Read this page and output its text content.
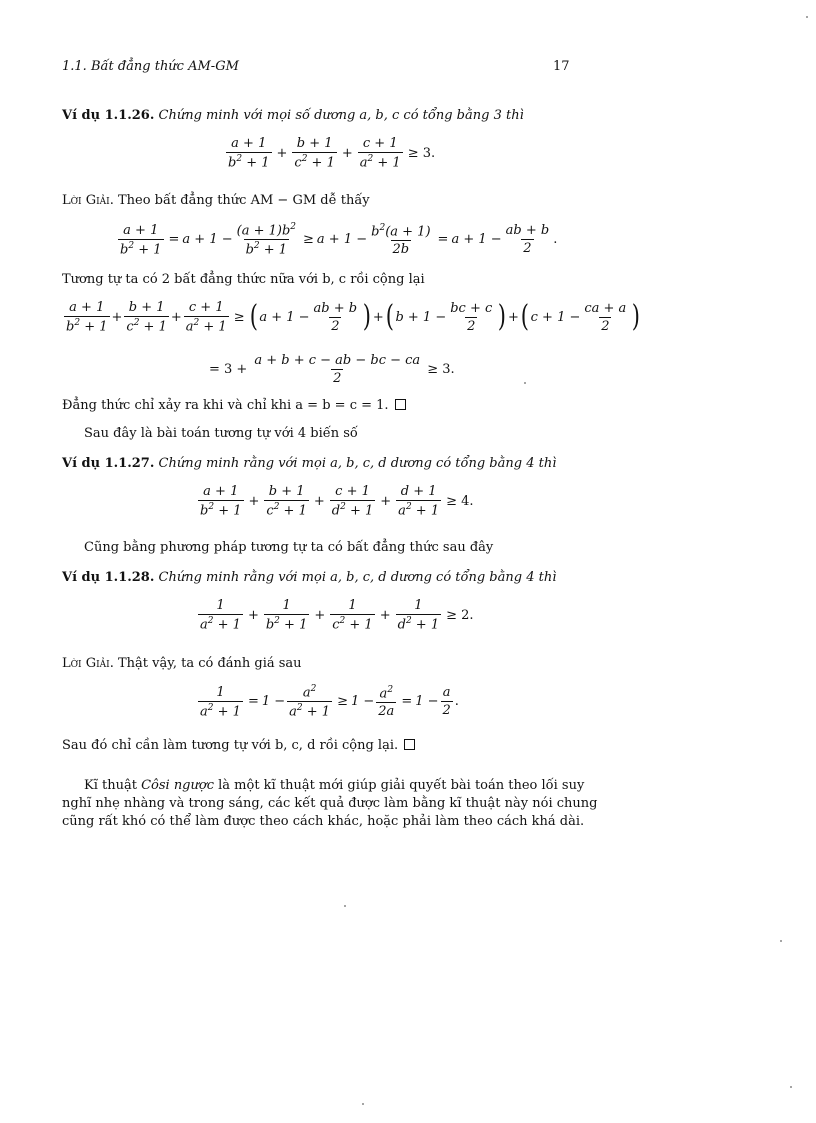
1.1. Bất đẳng thức AM-GM	17
Ví dụ 1.1.26. Chứng minh với mọi số dương a, b, c có tổng bằng 3 thì
$\frac{a + 1}{b^2 + 1} + \frac{b + 1}{c^2 + 1} + \frac{c + 1}{a^2 + 1} \ge 3$.
Lời Giải. Theo bất đẳng thức AM − GM dễ thấy
$\frac{a + 1}{b^2 + 1} = a + 1 - \frac{(a + 1)b^2}{b^2 + 1} \ge a + 1 - \frac{b^2(a + 1)}{2b} = a + 1 - \frac{ab + b}{2}$ .
Tương tự ta có 2 bất đẳng thức nữa với b, c rồi cộng lại
$\frac{a + 1}{b^2 + 1} + \frac{b + 1}{c^2 + 1} + \frac{c + 1}{a^2 + 1}$ ≥ ( $a + 1 - \frac{ab + b}{2}$ ) + ( $b + 1 - \frac{bc + c}{2}$ ) + ( $c + 1 - \frac{ca + a}{2}$ )
= $3 + \frac{a + b + c - ab - bc - ca}{2} \ge 3$.
Đẳng thức chỉ xảy ra khi và chỉ khi a = b = c = 1.
Sau đây là bài toán tương tự với 4 biến số
Ví dụ 1.1.27. Chứng minh rằng với mọi a, b, c, d dương có tổng bằng 4 thì
$\frac{a + 1}{b^2 + 1} + \frac{b + 1}{c^2 + 1} + \frac{c + 1}{d^2 + 1} + \frac{d + 1}{a^2 + 1} \ge 4$.
Cũng bằng phương pháp tương tự ta có bất đẳng thức sau đây
Ví dụ 1.1.28. Chứng minh rằng với mọi a, b, c, d dương có tổng bằng 4 thì
$\frac{1}{a^2 + 1} + \frac{1}{b^2 + 1} + \frac{1}{c^2 + 1} + \frac{1}{d^2 + 1} \ge 2$.
Lời Giải. Thật vậy, ta có đánh giá sau
$\frac{1}{a^2 + 1} = 1 - \frac{a^2}{a^2 + 1} \ge 1 - \frac{a^2}{2a} = 1 - \frac{a}{2}$ .
Sau đó chỉ cần làm tương tự với b, c, d rồi cộng lại.
Kĩ thuật Côsi ngược là một kĩ thuật mới giúp giải quyết bài toán theo lối suy
nghĩ nhẹ nhàng và trong sáng, các kết quả được làm bằng kĩ thuật này nói chung
cũng rất khó có thể làm được theo cách khác, hoặc phải làm theo cách khá dài.
